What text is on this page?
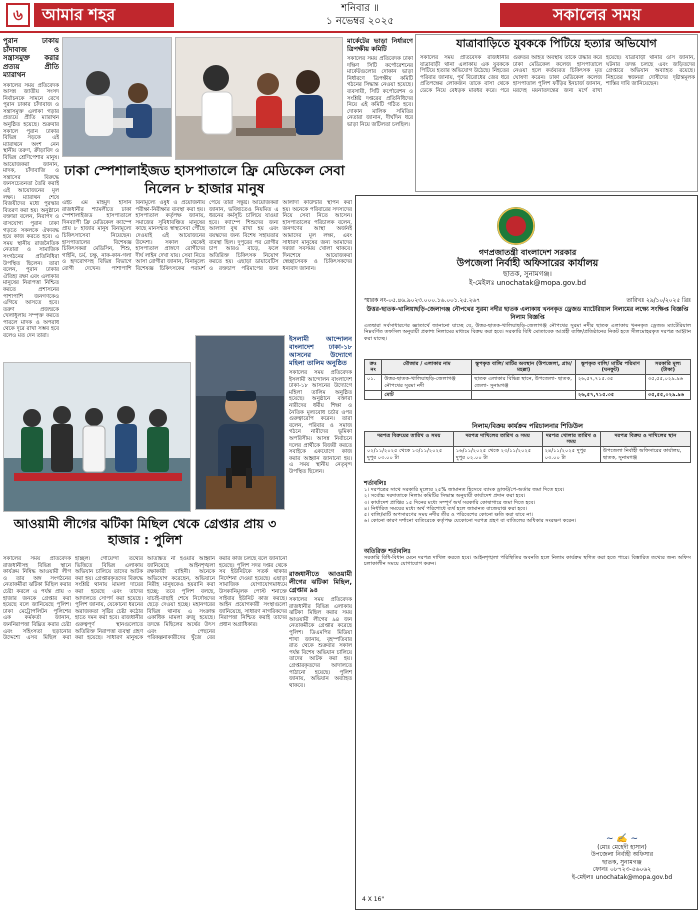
৬	আমার শহর	শনিবার ॥
১ নভেম্বর ২০২৫	সকালের সময়
পুরান ঢাকায় চাঁদাবাজ ও সন্ত্রাসমুক্ত করার প্রত্যয় প্রীতি ম্যারাথন

সকালের সময় প্রতিবেদক আসন্ন জাতীয় সংসদ নির্বাচনকে সামনে রেখে পুরান ঢাকার চাঁদাবাজ ও সন্ত্রাসমুক্ত এলাকা গড়ার প্রত্যয়ে প্রীতি ম্যারাথন অনুষ্ঠিত হয়েছে। শুক্রবার সকালে পুরান ঢাকার বিভিন্ন সড়কে এই ম্যারাথনে অংশ নেন স্থানীয় তরুণ, ক্রীড়াবিদ ও বিভিন্ন শ্রেণিপেশার মানুষ। আয়োজকরা জানান, মাদক, চাঁদাবাজি ও সন্ত্রাসের বিরুদ্ধে জনসচেতনতা তৈরি করাই এই আয়োজনের মূল লক্ষ্য। ম্যারাথন শেষে বিজয়ীদের মধ্যে পুরস্কার বিতরণ করা হয়। অনুষ্ঠানে বক্তারা বলেন, নিরাপদ ও বাসযোগ্য পুরান ঢাকা গড়তে সকলকে ঐক্যবদ্ধ হয়ে কাজ করতে হবে। এ সময় স্থানীয় রাজনৈতিক নেতারা ও সামাজিক সংগঠনের প্রতিনিধিরা উপস্থিত ছিলেন। তারা বলেন, পুরান ঢাকার ঐতিহ্য রক্ষা এবং এলাকার মানুষের নিরাপত্তা নিশ্চিত করতে প্রশাসনের পাশাপাশি জনগণকেও এগিয়ে আসতে হবে। তরুণ প্রজন্মকে খেলাধুলায় সম্পৃক্ত করতে পারলে মাদক ও অপরাধ থেকে দূরে রাখা সম্ভব হবে বলেও মত দেন তারা।

মার্কেটের ভাড়া নির্ধারণে ত্রিপক্ষীয় কমিটি

সকালের সময় প্রতিবেদক ঢাকা দক্ষিণ সিটি কর্পোরেশনের মার্কেটগুলোর দোকান ভাড়া নির্ধারণে ত্রিপক্ষীয় কমিটি গঠনের সিদ্ধান্ত নেওয়া হয়েছে। ব্যবসায়ী, সিটি কর্পোরেশন ও সংশ্লিষ্ট দপ্তরের প্রতিনিধিদের নিয়ে এই কমিটি গঠিত হবে। দোকান মালিক সমিতির নেতারা জানান, দীর্ঘদিন ধরে ভাড়া নিয়ে জটিলতা চলছিল।

যাত্রাবাড়িতে যুবককে পিটিয়ে হত্যার অভিযোগ
সকালের সময় প্রতিবেদক রাজধানীর যাত্রাবাড়ী থানা এলাকায় এক যুবককে পিটিয়ে হত্যার অভিযোগ উঠেছে। নিহতের পরিবার জানায়, পূর্ব বিরোধের জের ধরে প্রতিপক্ষের লোকজন তাকে বাসা থেকে ডেকে নিয়ে বেধড়ক মারধর করে। পরে গুরুতর আহত অবস্থায় তাকে উদ্ধার করে ঢাকা মেডিকেল কলেজ হাসপাতালে নেওয়া হলে কর্তব্যরত চিকিৎসক মৃত ঘোষণা করেন। ঢাকা মেডিকেল কলেজ হাসপাতাল পুলিশ ফাঁড়ির ইনচার্জ জানান, মরদেহ ময়নাতদন্তের জন্য মর্গে রাখা হয়েছে। যাত্রাবাড়ী থানার ওসি জানান, ঘটনার তদন্ত চলছে এবং জড়িতদের গ্রেপ্তারে অভিযান অব্যাহত রয়েছে। নিহতের স্বজনরা দোষীদের দৃষ্টান্তমূলক শাস্তির দাবি জানিয়েছেন।
ঢাকা স্পেশালাইজড হাসপাতালে ফ্রি মেডিকেল সেবা নিলেন ৮ হাজার মানুষ
এইচ এম মাহমুদ হাসান রাজধানীর শ্যামলীতে ঢাকা স্পেশালাইজড হাসপাতালে দিনব্যাপী ফ্রি মেডিকেল ক্যাম্পে প্রায় ৮ হাজার মানুষ বিনামূল্যে চিকিৎসাসেবা নিয়েছেন। হাসপাতালের বিশেষজ্ঞ চিকিৎসকরা মেডিসিন, শিশু, গাইনি, চর্ম, চক্ষু, নাক-কান-গলা ও হৃদরোগসহ বিভিন্ন বিভাগে রোগী দেখেন। পাশাপাশি বিনামূল্যে ওষুধ ও প্রয়োজনীয় পরীক্ষা-নিরীক্ষার ব্যবস্থা করা হয়। হাসপাতাল কর্তৃপক্ষ জানায়, সমাজের সুবিধাবঞ্চিত মানুষের কাছে মানসম্মত স্বাস্থ্যসেবা পৌঁছে দেওয়াই এই আয়োজনের উদ্দেশ্য। সকাল থেকেই হাসপাতাল প্রাঙ্গণে রোগীদের দীর্ঘ লাইন দেখা যায়। সেবা নিতে আসা রোগীরা জানান, বিনামূল্যে বিশেষজ্ঞ চিকিৎসকের পরামর্শ পেয়ে তারা সন্তুষ্ট। আয়োজকরা জানান, ভবিষ্যতেও নিয়মিত এ ধরনের কর্মসূচি চালিয়ে যাওয়া হবে। ক্যাম্পে শিশুদের জন্য আলাদা বুথ রাখা হয় এবং বয়স্কদের জন্য বিশেষ সহায়তার ব্যবস্থা ছিল। দুপুরের পর রোগীর চাপ আরও বাড়ে, ফলে অতিরিক্ত চিকিৎসক নিয়োগ করতে হয়। এছাড়া ডায়াবেটিস ও রক্তচাপ পরিমাপের জন্য আলাদা কাউন্টার স্থাপন করা হয়। অনেকে পরিবারের সদস্যদের নিয়ে সেবা নিতে আসেন। হাসপাতালের পরিচালক বলেন, জনগণের আস্থা অর্জনই আমাদের মূল লক্ষ্য, এবং সাধারণ মানুষের জন্য আমাদের দরজা সবসময় খোলা থাকবে। দিনশেষে আয়োজকরা স্বেচ্ছাসেবক ও চিকিৎসকদের ধন্যবাদ জানান।
ইসলামী আন্দোলন বাংলাদেশ ঢাকা-১৮ আসনের উদ্যোগে মহিলা তালিম অনুষ্ঠিত

সকালের সময় প্রতিবেদক ইসলামী আন্দোলন বাংলাদেশ ঢাকা-১৮ আসনের উদ্যোগে মহিলা তালিম অনুষ্ঠিত হয়েছে। অনুষ্ঠানে বক্তারা নারীদের ধর্মীয় শিক্ষা ও নৈতিক মূল্যবোধ চর্চার ওপর গুরুত্বারোপ করেন। তারা বলেন, পরিবার ও সমাজ গঠনে নারীদের ভূমিকা অপরিসীম। আসন্ন নির্বাচনে দলের প্রার্থীকে বিজয়ী করতে সবাইকে একযোগে কাজ করার আহ্বান জানানো হয়। এ সময় স্থানীয় নেতৃবৃন্দ উপস্থিত ছিলেন।

আওয়ামী লীগের ঝটিকা মিছিল থেকে গ্রেপ্তার প্রায় ৩ হাজার : পুলিশ
সকালের সময় প্রতিবেদক রাজধানীসহ বিভিন্ন স্থানে কার্যক্রম নিষিদ্ধ আওয়ামী লীগ ও তার অঙ্গ সংগঠনের নেতাকর্মীরা ঝটিকা মিছিল করার চেষ্টা করলে এ পর্যন্ত প্রায় ৩ হাজার জনকে গ্রেপ্তার করা হয়েছে বলে জানিয়েছে পুলিশ। ঢাকা মেট্রোপলিটন পুলিশের এক কর্মকর্তা জানান, জননিরাপত্তা বিঘ্নিত করার চেষ্টা এবং সহিংসতা ছড়ানোর উদ্দেশ্যে এসব মিছিল করা হচ্ছিল। গোয়েন্দা তথ্যের ভিত্তিতে বিভিন্ন এলাকায় অভিযান চালিয়ে তাদের আটক করা হয়। গ্রেপ্তারকৃতদের বিরুদ্ধে সংশ্লিষ্ট থানায় মামলা দায়ের করা হয়েছে এবং তাদের আদালতে সোপর্দ করা হয়েছে। পুলিশ জানায়, যেকোনো ধরনের অরাজকতা সৃষ্টির চেষ্টা কঠোর হাতে দমন করা হবে। রাজধানীর গুরুত্বপূর্ণ স্থানগুলোতে অতিরিক্ত নিরাপত্তা ব্যবস্থা গ্রহণ করা হয়েছে। সাধারণ মানুষকে আতঙ্কিত না হওয়ার আহ্বান জানিয়েছে আইনশৃঙ্খলা রক্ষাকারী বাহিনী। অনেকে অভিযোগ করেছেন, অভিযানে নিরীহ মানুষকেও হয়রানি করা হচ্ছে; তবে পুলিশ বলছে, যাচাই-বাছাই শেষে নির্দোষদের ছেড়ে দেওয়া হচ্ছে। মহানগরের বিভিন্ন থানায় এ সংক্রান্ত একাধিক মামলা রুজু হয়েছে। তদন্তে মিছিলের অর্থের উৎস এবং পেছনের পরিকল্পনাকারীদের খুঁজে বের করার কাজ চলছে বলে জানানো হয়েছে। পুলিশ সদর দপ্তর থেকে সব ইউনিটকে সতর্ক থাকার নির্দেশনা দেওয়া হয়েছে। এছাড়া সামাজিক যোগাযোগমাধ্যমে উসকানিমূলক পোস্ট শনাক্তে সাইবার ইউনিট কাজ করছে। আইন প্রয়োগকারী সংস্থাগুলো জানিয়েছে, সাধারণ নাগরিকদের নিরাপত্তা নিশ্চিত করাই তাদের প্রধান অগ্রাধিকার।
রাজধানীতে আওয়ামী লীগের ঝটিকা মিছিল, গ্রেপ্তার ৯৪

সকালের সময় প্রতিবেদক রাজধানীর বিভিন্ন এলাকায় ঝটিকা মিছিল করার সময় আওয়ামী লীগের ৯৪ জন নেতাকর্মীকে গ্রেপ্তার করেছে পুলিশ। ডিএমপির মিডিয়া শাখা জানায়, বৃহস্পতিবার রাত থেকে শুক্রবার সকাল পর্যন্ত বিশেষ অভিযান চালিয়ে তাদের আটক করা হয়। গ্রেপ্তারকৃতদের আদালতে পাঠানো হয়েছে। পুলিশ জানায়, অভিযান অব্যাহত থাকবে।

গণপ্রজাতন্ত্রী বাংলাদেশ সরকার
উপজেলা নির্বাহী অফিসারের কার্যালয়
ছাতক, সুনামগঞ্জ।
ই-মেইলঃ unochatak@mopa.gov.bd
স্মারক নং-০৫.৪৬.৯০২৩.০০০.১৬.০০১.২৫.২৬৭	তারিখঃ ২৯/১০/২০২৫ খ্রিঃ
উত্তর-ছাতক-খালিয়াছড়ি-জেলাগঞ্জ নৌপথের সুরমা নদীর ছাতক এলাকায় খননকৃত ড্রেজড ম্যাটেরিয়াল নিলামের লক্ষ্যে সংক্ষিপ্ত বিজ্ঞপ্তি নিলাম বিজ্ঞপ্তি
এতদ্বারা সর্বসাধারণের জ্ঞাতার্থে জানানো যাচ্ছে যে, উত্তর-ছাতক-খালিয়াছড়ি-জেলাগঞ্জ নৌপথের সুরমা নদীর ছাতক এলাকায় খননকৃত ড্রেজড ম্যাটেরিয়াল নিম্নবর্ণিত তফসিল অনুযায়ী প্রকাশ্য নিলামের মাধ্যমে বিক্রয় করা হবে। সরকারি বিধি মোতাবেক আগ্রহী ব্যক্তি/প্রতিষ্ঠানের নিকট হতে সীলমোহরকৃত দরপত্র আহ্বান করা যাচ্ছে।
ক্রঃ নং	মৌজার / এলাকার নাম	স্তূপকৃত বালি/ মাটির অবস্থান (উপজেলা, গ্রাম/মহল্লা)	স্তূপকৃত বালি/ মাটির পরিমাণ (ঘনফুট)	সরকারি মূল্য (টাকা)
০১.	উত্তর-ছাতক-খালিয়াছড়ি-জেলাগঞ্জ নৌপথের সুরমা নদী	ছাতক এলাকার বিভিন্ন স্থানে, উপজেলা- ছাতক, জেলা- সুনামগঞ্জ	২৬,৫৭,৭১৫.৩৫	৩৫,৫৫,০২৯.৯৬
	মোট		২৬,৫৭,৭১৫.৩৫	৩৫,৫৫,০২৯.৯৬
নিলাম/বিক্রয় কার্যক্রম পরিচালনার শিডিউল
দরপত্র বিক্রয়ের তারিখ ও সময়	দরপত্র দাখিলের তারিখ ও সময়	দরপত্র খোলার তারিখ ও সময়	দরপত্র বিক্রয় ও দাখিলের স্থান
০২/১১/২০২৫ থেকে ১৩/১১/২০২৫ দুপুর ০৩.০০ টা	১৬/১১/২০২৫ থেকে ২৩/১১/২০২৫ দুপুর ০২.০০ টা	২৪/১১/২০২৫ দুপুর ০৩.০০ টা	উপজেলা নির্বাহী অফিসারের কার্যালয়, ছাতক, সুনামগঞ্জ
শর্তাবলিঃ
১। দরপত্রের সাথে সরকারি মূল্যের ২৫% জামানত হিসেবে ব্যাংক ড্রাফট/পে-অর্ডার জমা দিতে হবে।
২। সর্বোচ্চ দরদাতাকে নিলাম কমিটির সিদ্ধান্ত অনুযায়ী কার্যাদেশ প্রদান করা হবে।
৩। কার্যাদেশ প্রাপ্তির ১৫ দিনের মধ্যে সম্পূর্ণ অর্থ সরকারি কোষাগারে জমা দিতে হবে।
৪। নির্ধারিত সময়ের মধ্যে অর্থ পরিশোধে ব্যর্থ হলে জামানত বাজেয়াপ্ত করা হবে।
৫। বালি/মাটি অপসারণের সময় নদীর তীর ও পরিবেশের কোনো ক্ষতি করা যাবে না।
৬। কোনো কারণ দর্শানো ব্যতিরেকে কর্তৃপক্ষ যেকোনো দরপত্র গ্রহণ বা বাতিলের অধিকার সংরক্ষণ করেন।
অতিরিক্ত শর্তাবলিঃ
সরকারি বিধি-বিধান মেনে দরপত্র দাখিল করতে হবে। আইনশৃঙ্খলা পরিস্থিতির অবনতি হলে নিলাম কার্যক্রম স্থগিত করা হতে পারে। বিস্তারিত তথ্যের জন্য অফিস চলাকালীন সময়ে যোগাযোগ করুন।
~ ✍ ~
(মোঃ মেহেদী হাসান)
উপজেলা নির্বাহী অফিসার
ছাতক, সুনামগঞ্জ
ফোনঃ ০৮৭২৩-৫৬০৬২
ই-মেইলঃ unochatak@mopa.gov.bd
4 X 16"
